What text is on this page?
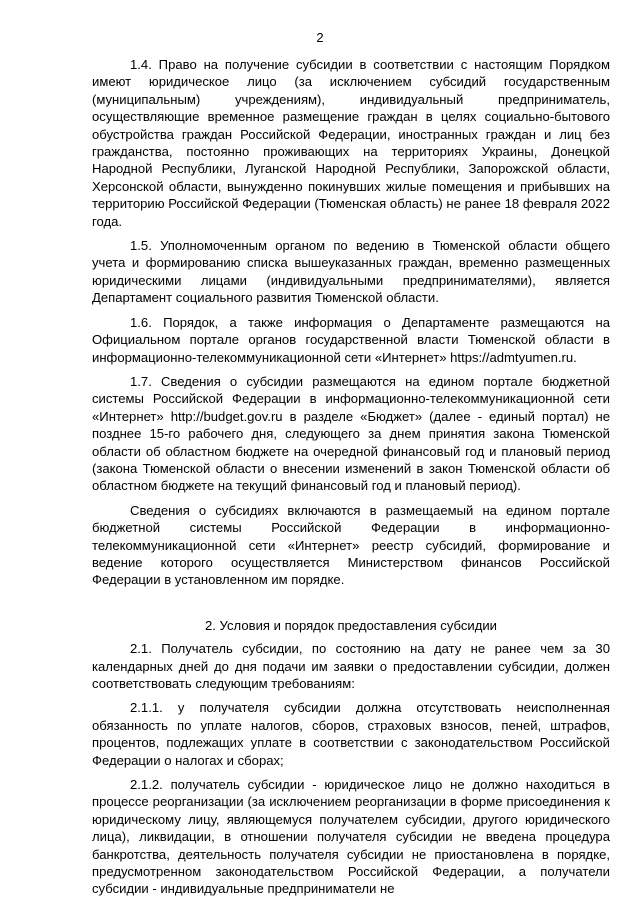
2

1.4. Право на получение субсидии в соответствии с настоящим Порядком имеют юридическое лицо (за исключением субсидий государственным (муниципальным) учреждениям), индивидуальный предприниматель, осуществляющие временное размещение граждан в целях социально-бытового обустройства граждан Российской Федерации, иностранных граждан и лиц без гражданства, постоянно проживающих на территориях Украины, Донецкой Народной Республики, Луганской Народной Республики, Запорожской области, Херсонской области, вынужденно покинувших жилые помещения и прибывших на территорию Российской Федерации (Тюменская область) не ранее 18 февраля 2022 года.

1.5. Уполномоченным органом по ведению в Тюменской области общего учета и формированию списка вышеуказанных граждан, временно размещенных юридическими лицами (индивидуальными предпринимателями), является Департамент социального развития Тюменской области.

1.6. Порядок, а также информация о Департаменте размещаются на Официальном портале органов государственной власти Тюменской области в информационно-телекоммуникационной сети «Интернет» https://admtyumen.ru.

1.7. Сведения о субсидии размещаются на едином портале бюджетной системы Российской Федерации в информационно-телекоммуникационной сети «Интернет» http://budget.gov.ru в разделе «Бюджет» (далее - единый портал) не позднее 15-го рабочего дня, следующего за днем принятия закона Тюменской области об областном бюджете на очередной финансовый год и плановый период (закона Тюменской области о внесении изменений в закон Тюменской области об областном бюджете на текущий финансовый год и плановый период).

Сведения о субсидиях включаются в размещаемый на едином портале бюджетной системы Российской Федерации в информационно-телекоммуникационной сети «Интернет» реестр субсидий, формирование и ведение которого осуществляется Министерством финансов Российской Федерации в установленном им порядке.

2. Условия и порядок предоставления субсидии

2.1. Получатель субсидии, по состоянию на дату не ранее чем за 30 календарных дней до дня подачи им заявки о предоставлении субсидии, должен соответствовать следующим требованиям:

2.1.1. у получателя субсидии должна отсутствовать неисполненная обязанность по уплате налогов, сборов, страховых взносов, пеней, штрафов, процентов, подлежащих уплате в соответствии с законодательством Российской Федерации о налогах и сборах;

2.1.2. получатель субсидии - юридическое лицо не должно находиться в процессе реорганизации (за исключением реорганизации в форме присоединения к юридическому лицу, являющемуся получателем субсидии, другого юридического лица), ликвидации, в отношении получателя субсидии не введена процедура банкротства, деятельность получателя субсидии не приостановлена в порядке, предусмотренном законодательством Российской Федерации, а получатели субсидии - индивидуальные предприниматели не
